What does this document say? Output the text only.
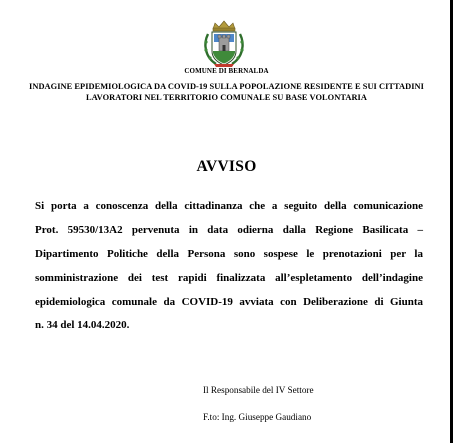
COMUNE DI BERNALDA
INDAGINE EPIDEMIOLOGICA DA COVID-19 SULLA POPOLAZIONE RESIDENTE E SUI CITTADINI
LAVORATORI NEL TERRITORIO COMUNALE SU BASE VOLONTARIA
AVVISO
Si porta a conoscenza della cittadinanza che a seguito della comunicazione
Prot. 59530/13A2 pervenuta in data odierna dalla Regione Basilicata –
Dipartimento Politiche della Persona sono sospese le prenotazioni per la
somministrazione dei test rapidi finalizzata all’espletamento dell’indagine
epidemiologica comunale da COVID-19 avviata con Deliberazione di Giunta
n. 34 del 14.04.2020.
Il Responsabile del IV Settore
F.to: Ing. Giuseppe Gaudiano
